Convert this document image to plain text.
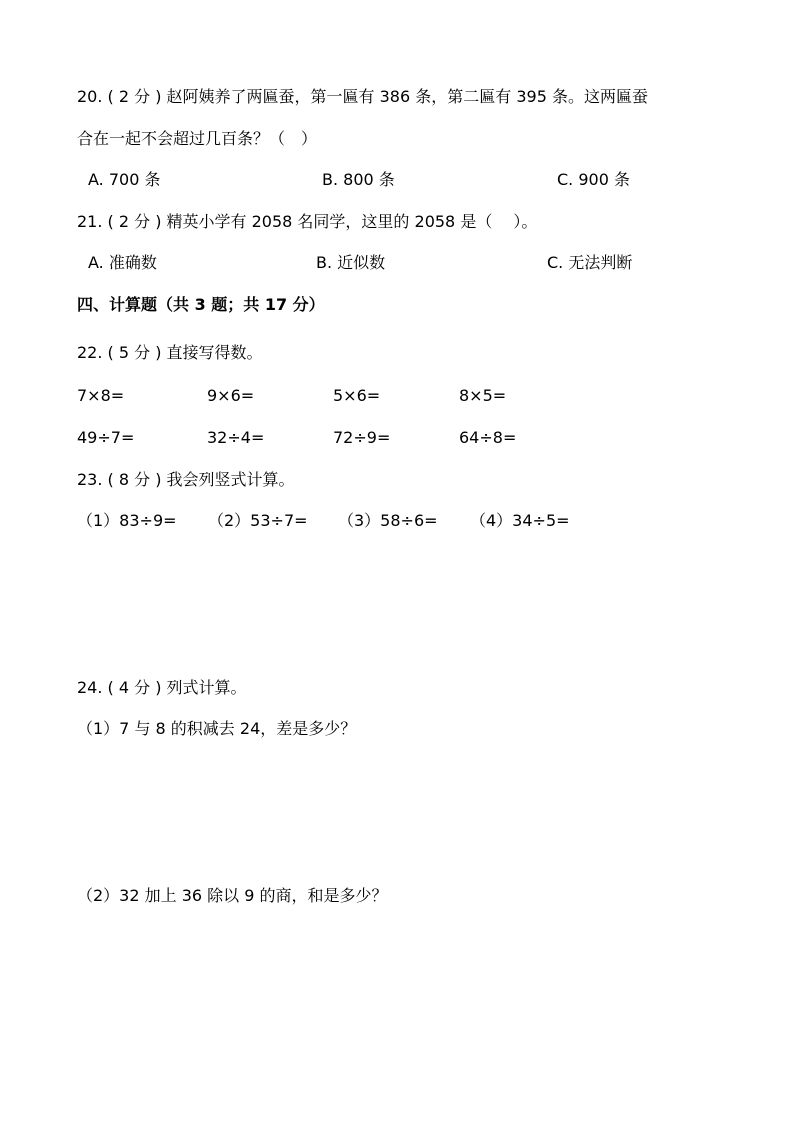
20. ( 2 分 ) 赵阿姨养了两匾蚕，第一匾有 386 条，第二匾有 395 条。这两匾蚕
合在一起不会超过几百条？（　）
A. 700 条	B. 800 条	C. 900 条
21. ( 2 分 ) 精英小学有 2058 名同学，这里的 2058 是（　 ）。
A. 准确数	B. 近似数	C. 无法判断
四、计算题（共 3 题；共 17 分）
22. ( 5 分 ) 直接写得数。
7×8=	9×6=	5×6=	8×5=
49÷7=	32÷4=	72÷9=	64÷8=
23. ( 8 分 ) 我会列竖式计算。
（1）83÷9= （2）53÷7= （3）58÷6= （4）34÷5=
24. ( 4 分 ) 列式计算。
（1）7 与 8 的积减去 24，差是多少？
（2）32 加上 36 除以 9 的商，和是多少？
